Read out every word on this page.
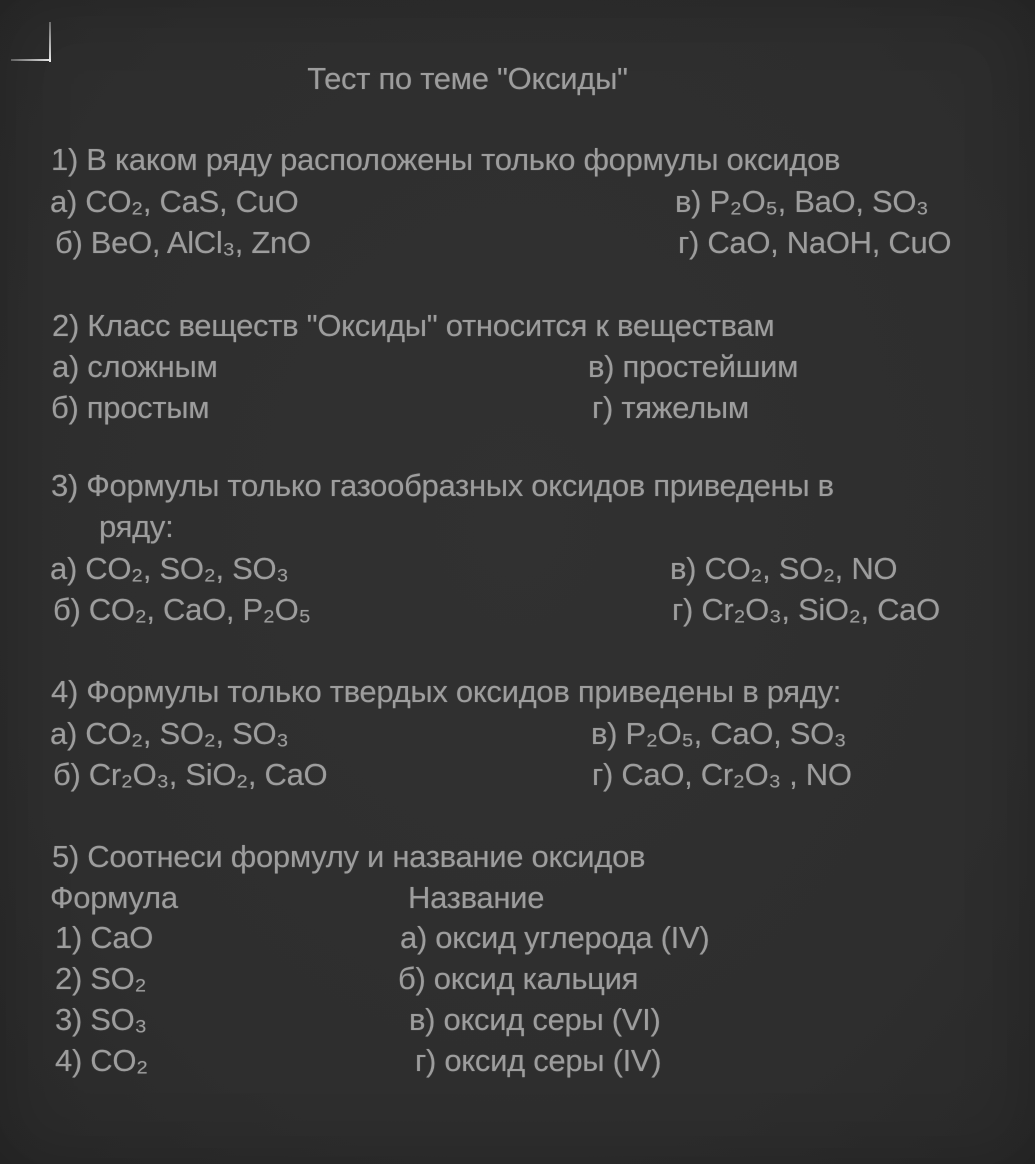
Тест по теме "Оксиды"
1) В каком ряду расположены только формулы оксидов
а) CO₂, CaS, CuO	в) P₂O₅, BaO, SO₃
б) BeO, AlCl₃, ZnO	г) CaO, NaOH, CuO
2) Класс веществ "Оксиды" относится к веществам
а) сложным	в) простейшим
б) простым	г) тяжелым
3) Формулы только газообразных оксидов приведены в
ряду:
а) CO₂, SO₂, SO₃	в) CO₂, SO₂, NO
б) CO₂, CaO, P₂O₅	г) Cr₂O₃, SiO₂, CaO
4) Формулы только твердых оксидов приведены в ряду:
а) CO₂, SO₂, SO₃	в) P₂O₅, CaO, SO₃
б) Cr₂O₃, SiO₂, CaO	г) CaO, Cr₂O₃ , NO
5) Соотнеси формулу и название оксидов
Формула	Название
1) CaO	а) оксид углерода (IV)
2) SO₂	б) оксид кальция
3) SO₃	в) оксид серы (VI)
4) CO₂	г) оксид серы (IV)
